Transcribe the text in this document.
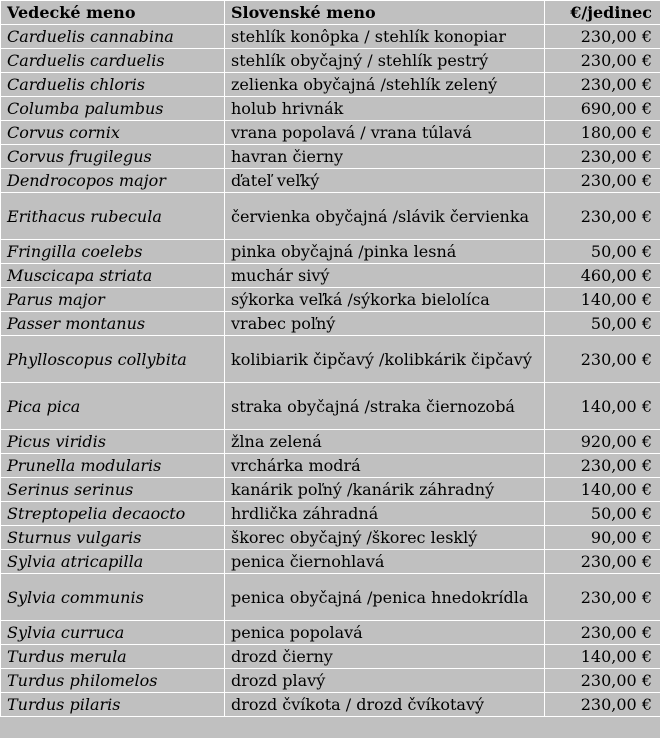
Vedecké meno	Slovenské meno	€/jedinec
Carduelis cannabina	stehlík konôpka / stehlík konopiar	230,00 €
Carduelis carduelis	stehlík obyčajný / stehlík pestrý	230,00 €
Carduelis chloris	zelienka obyčajná /stehlík zelený	230,00 €
Columba palumbus	holub hrivnák	690,00 €
Corvus cornix	vrana popolavá / vrana túlavá	180,00 €
Corvus frugilegus	havran čierny	230,00 €
Dendrocopos major	ďateľ veľký	230,00 €
Erithacus rubecula	červienka obyčajná /slávik červienka	230,00 €
Fringilla coelebs	pinka obyčajná /pinka lesná	50,00 €
Muscicapa striata	muchár sivý	460,00 €
Parus major	sýkorka veľká /sýkorka bielolíca	140,00 €
Passer montanus	vrabec poľný	50,00 €
Phylloscopus collybita	kolibiarik čipčavý /kolibkárik čipčavý	230,00 €
Pica pica	straka obyčajná /straka čiernozobá	140,00 €
Picus viridis	žlna zelená	920,00 €
Prunella modularis	vrchárka modrá	230,00 €
Serinus serinus	kanárik poľný /kanárik záhradný	140,00 €
Streptopelia decaocto	hrdlička záhradná	50,00 €
Sturnus vulgaris	škorec obyčajný /škorec lesklý	90,00 €
Sylvia atricapilla	penica čiernohlavá	230,00 €
Sylvia communis	penica obyčajná /penica hnedokrídla	230,00 €
Sylvia curruca	penica popolavá	230,00 €
Turdus merula	drozd čierny	140,00 €
Turdus philomelos	drozd plavý	230,00 €
Turdus pilaris	drozd čvíkota / drozd čvíkotavý	230,00 €
